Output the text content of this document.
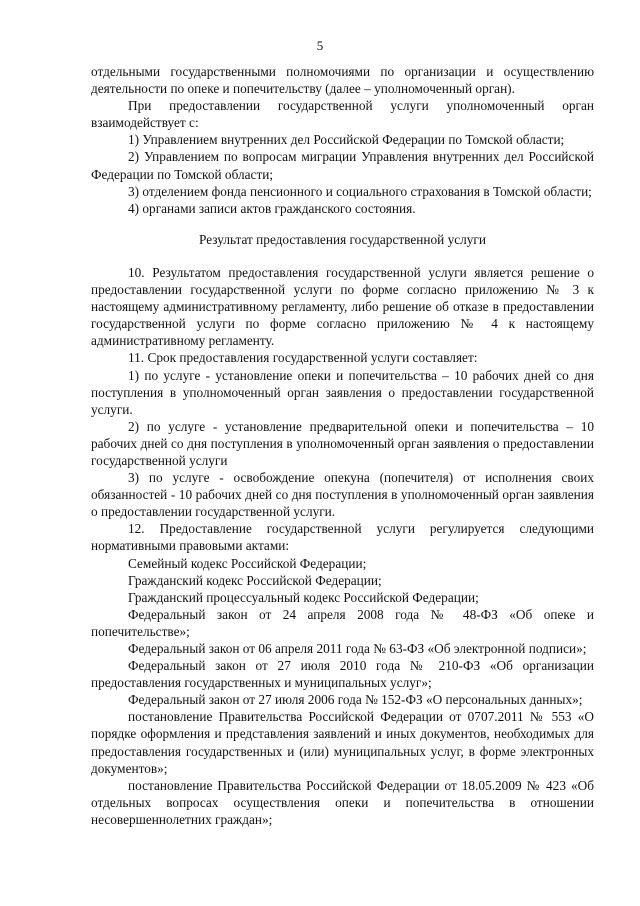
5

отдельными государственными полномочиями по организации и осуществлению деятельности по опеке и попечительству (далее – уполномоченный орган).

При предоставлении государственной услуги уполномоченный орган взаимодействует с:

1) Управлением внутренних дел Российской Федерации по Томской области;

2) Управлением по вопросам миграции Управления внутренних дел Российской Федерации по Томской области;

3) отделением фонда пенсионного и социального страхования в Томской области;

4) органами записи актов гражданского состояния.

Результат предоставления государственной услуги

10. Результатом предоставления государственной услуги является решение о предоставлении государственной услуги по форме согласно приложению № 3 к настоящему административному регламенту, либо решение об отказе в предоставлении государственной услуги по форме согласно приложению № 4 к настоящему административному регламенту.

11. Срок предоставления государственной услуги составляет:

1) по услуге - установление опеки и попечительства – 10 рабочих дней со дня поступления в уполномоченный орган заявления о предоставлении государственной услуги.

2) по услуге - установление предварительной опеки и попечительства – 10 рабочих дней со дня поступления в уполномоченный орган заявления о предоставлении государственной услуги

3) по услуге - освобождение опекуна (попечителя) от исполнения своих обязанностей - 10 рабочих дней со дня поступления в уполномоченный орган заявления о предоставлении государственной услуги.

12. Предоставление государственной услуги регулируется следующими нормативными правовыми актами:

Семейный кодекс Российской Федерации;

Гражданский кодекс Российской Федерации;

Гражданский процессуальный кодекс Российской Федерации;

Федеральный закон от 24 апреля 2008 года № 48-ФЗ «Об опеке и попечительстве»;

Федеральный закон от 06 апреля 2011 года № 63-ФЗ «Об электронной подписи»;

Федеральный закон от 27 июля 2010 года № 210-ФЗ «Об организации предоставления государственных и муниципальных услуг»;

Федеральный закон от 27 июля 2006 года № 152-ФЗ «О персональных данных»;

постановление Правительства Российской Федерации от 0707.2011 № 553 «О порядке оформления и представления заявлений и иных документов, необходимых для предоставления государственных и (или) муниципальных услуг, в форме электронных документов»;

постановление Правительства Российской Федерации от 18.05.2009 № 423 «Об отдельных вопросах осуществления опеки и попечительства в отношении несовершеннолетних граждан»;
